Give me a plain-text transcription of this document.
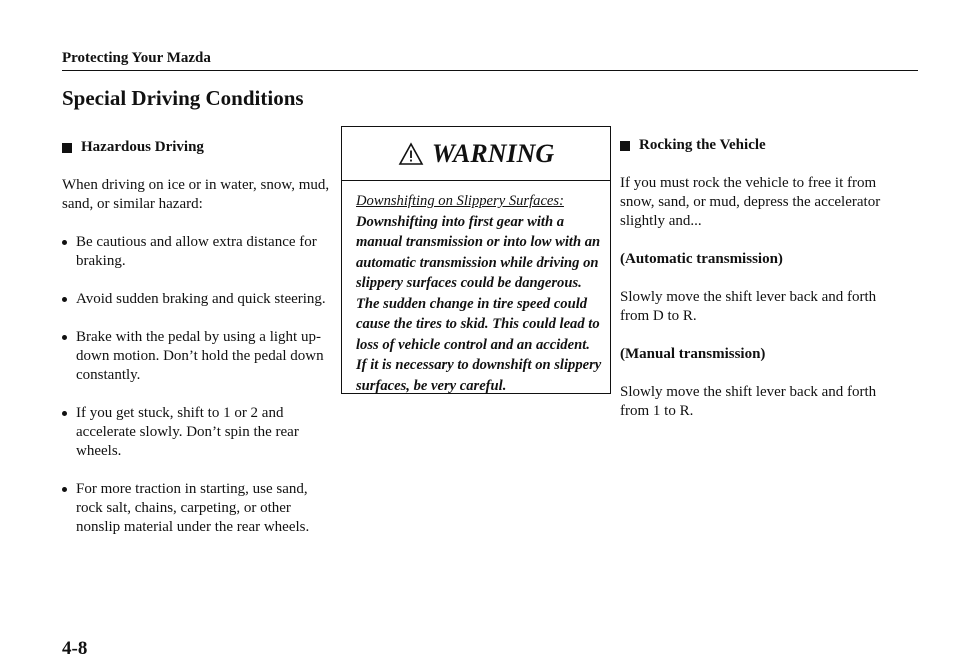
Protecting Your Mazda
Special Driving Conditions
Hazardous Driving

When driving on ice or in water, snow, mud, sand, or similar hazard:

Be cautious and allow extra distance for braking.
Avoid sudden braking and quick steering.
Brake with the pedal by using a light up-down motion. Don’t hold the pedal down constantly.
If you get stuck, shift to 1 or 2 and accelerate slowly. Don’t spin the rear wheels.
For more traction in starting, use sand, rock salt, chains, carpeting, or other nonslip material under the rear wheels.
WARNING
Downshifting on Slippery Surfaces:
Downshifting into first gear with a manual transmission or into low with an automatic transmission while driving on slippery surfaces could be dangerous. The sudden change in tire speed could cause the tires to skid. This could lead to loss of vehicle control and an accident. If it is necessary to downshift on slippery surfaces, be very careful.
Rocking the Vehicle

If you must rock the vehicle to free it from snow, sand, or mud, depress the accelerator slightly and...

(Automatic transmission)

Slowly move the shift lever back and forth from D to R.

(Manual transmission)

Slowly move the shift lever back and forth from 1 to R.

4-8
